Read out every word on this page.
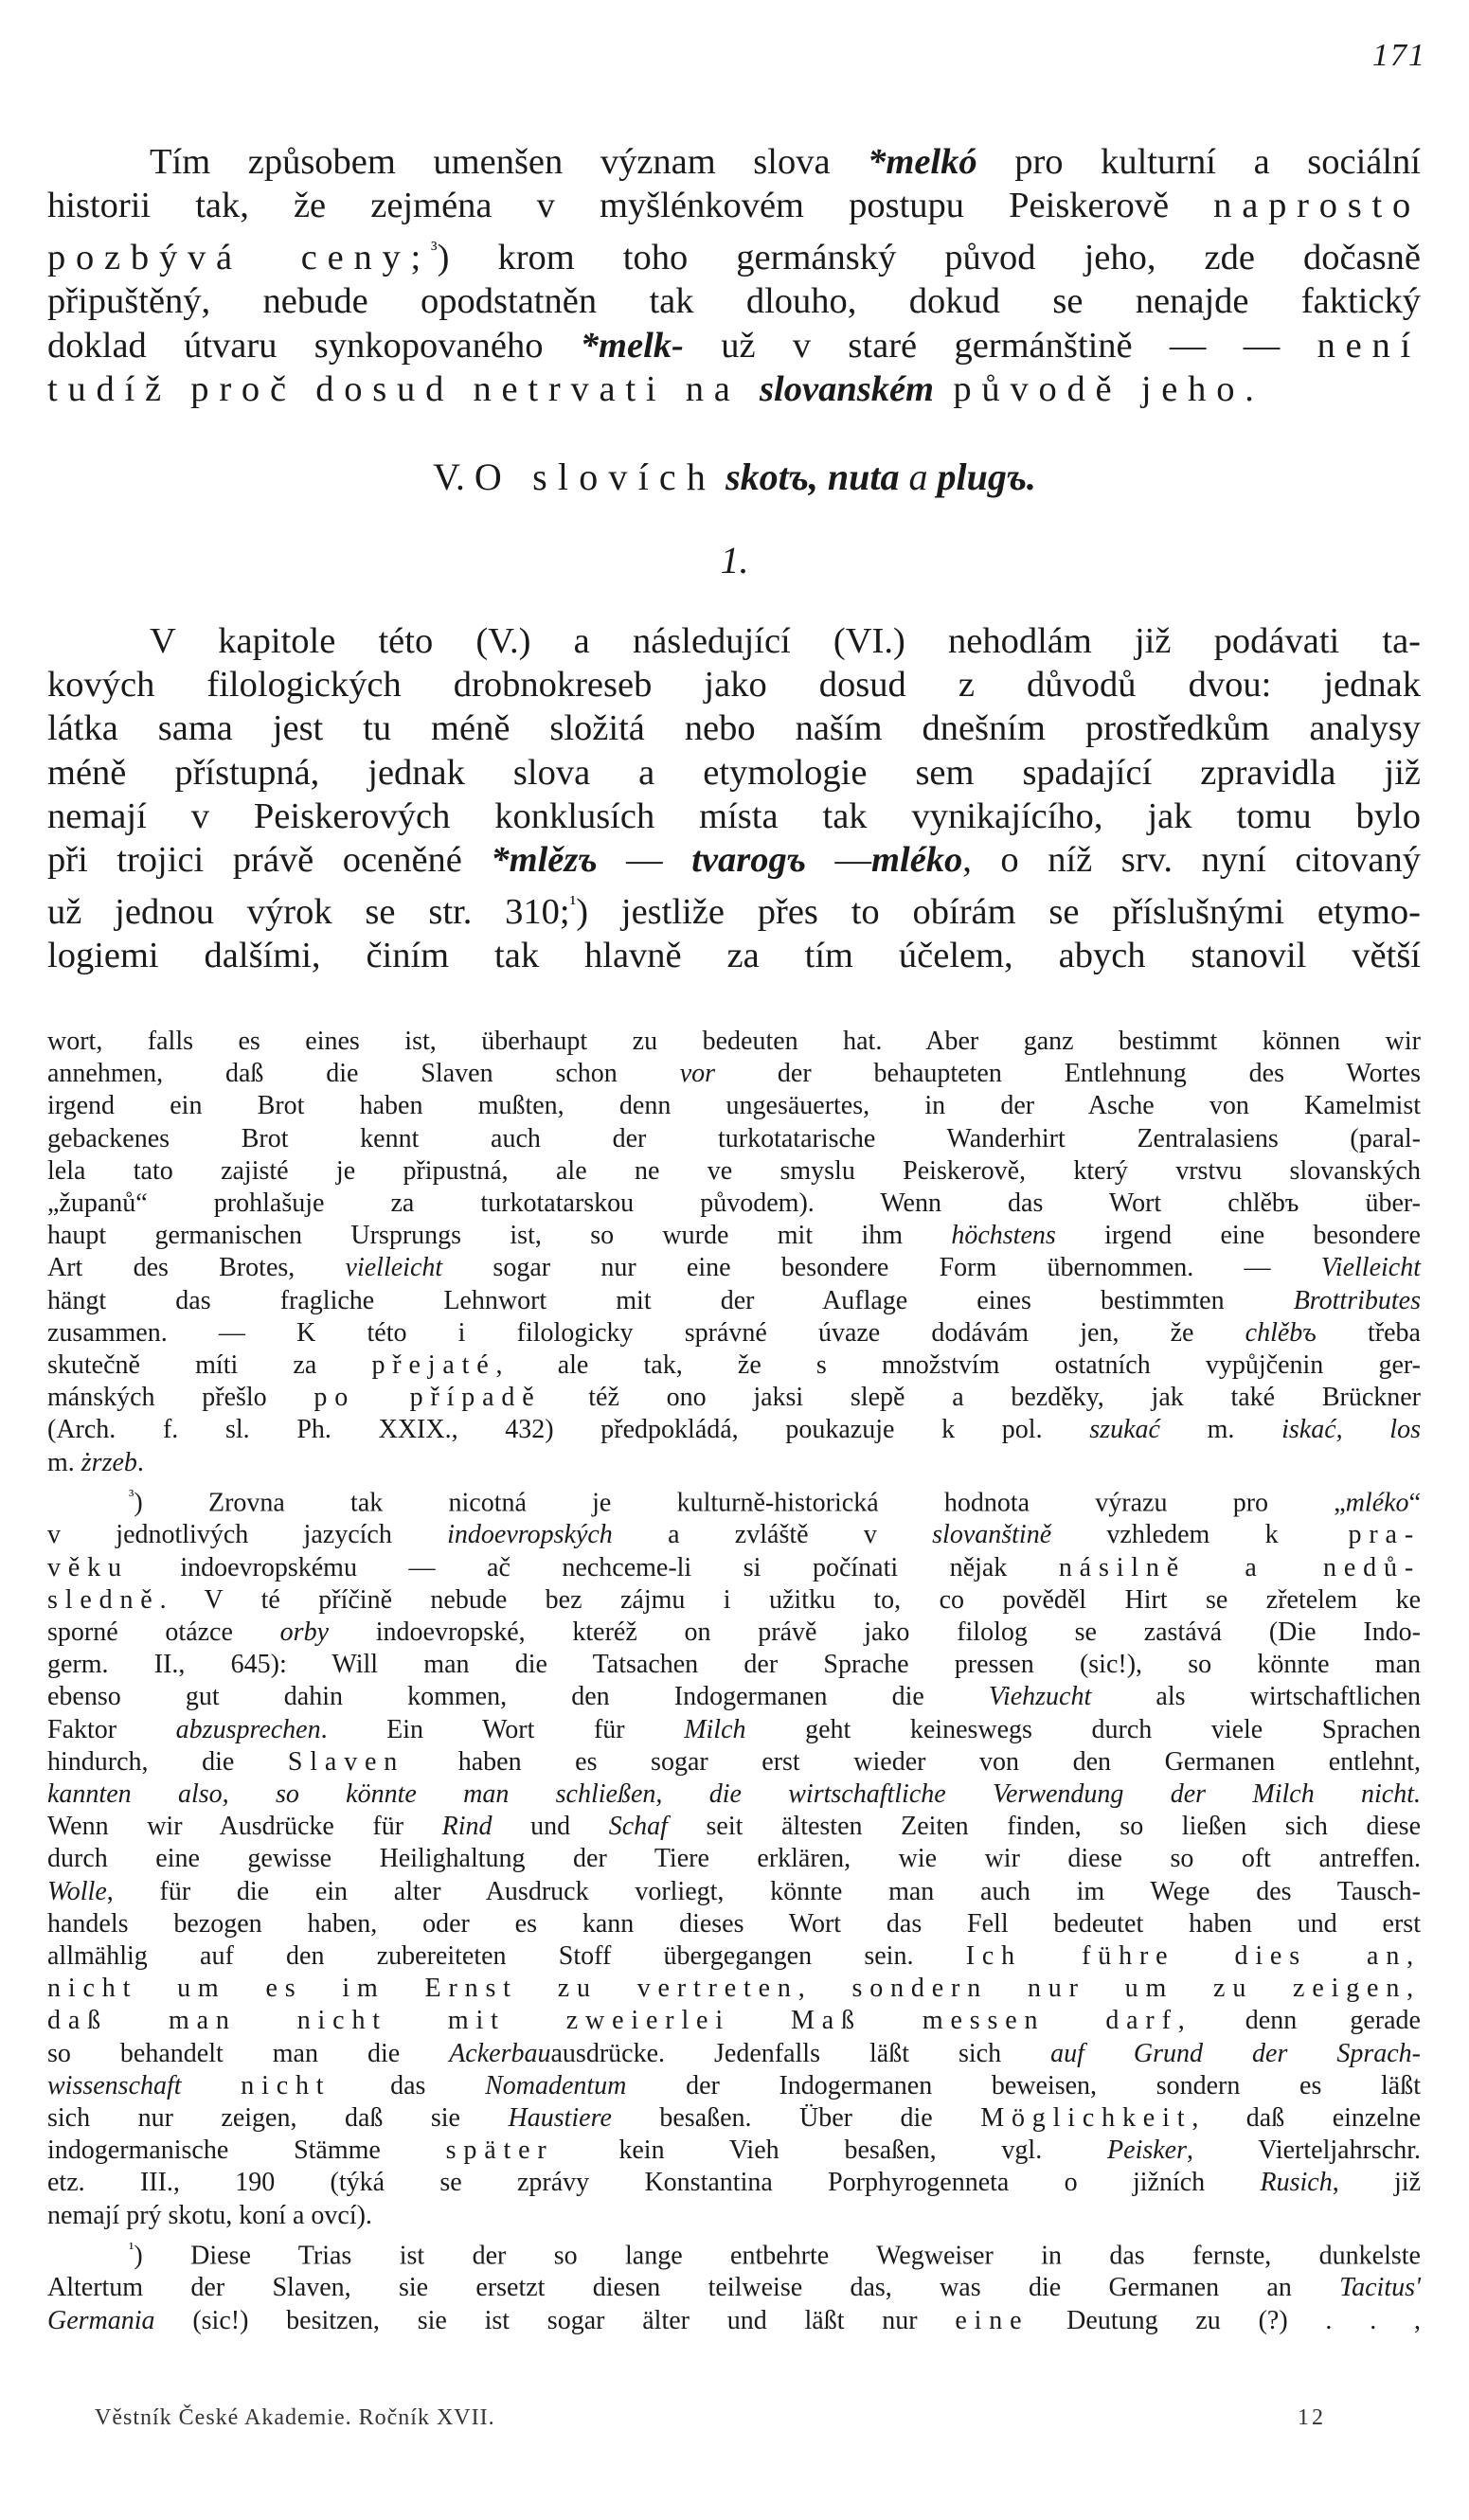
171
Tím způsobem umenšen význam slova *melkó pro kulturní a sociální
historii tak, že zejména v myšlénkovém postupu Peiskerově naprosto
pozbývá ceny;$^{^3}$) krom toho germánský původ jeho, zde dočasně
připuštěný, nebude opodstatněn tak dlouho, dokud se nenajde faktický
doklad útvaru synkopovaného *melk- už v staré germánštině — — není
tudíž proč dosud netrvati na slovanském původě jeho.
V. O slovích skotъ, nuta a plugъ.
1.
V kapitole této (V.) a následující (VI.) nehodlám již podávati ta-
kových filologických drobnokreseb jako dosud z důvodů dvou: jednak
látka sama jest tu méně složitá nebo naším dnešním prostředkům analysy
méně přístupná, jednak slova a etymologie sem spadající zpravidla již
nemají v Peiskerových konklusích místa tak vynikajícího, jak tomu bylo
při trojici právě oceněné *mlězъ — tvarogъ —mléko, o níž srv. nyní citovaný
už jednou výrok se str. 310;$^{^1}$) jestliže přes to obírám se příslušnými etymo-
logiemi dalšími, činím tak hlavně za tím účelem, abych stanovil větší
wort, falls es eines ist, überhaupt zu bedeuten hat. Aber ganz bestimmt können wir
annehmen, daß die Slaven schon vor der behaupteten Entlehnung des Wortes
irgend ein Brot haben mußten, denn ungesäuertes, in der Asche von Kamelmist
gebackenes Brot kennt auch der turkotatarische Wanderhirt Zentralasiens (paral-
lela tato zajisté je připustná, ale ne ve smyslu Peiskerově, který vrstvu slovanských
„županů“ prohlašuje za turkotatarskou původem). Wenn das Wort chlěbъ über-
haupt germanischen Ursprungs ist, so wurde mit ihm höchstens irgend eine besondere
Art des Brotes, vielleicht sogar nur eine besondere Form übernommen. — Vielleicht
hängt das fragliche Lehnwort mit der Auflage eines bestimmten Brottributes
zusammen. — K této i filologicky správné úvaze dodávám jen, že chlěbъ třeba
skutečně míti za přejaté, ale tak, že s množstvím ostatních vypůjčenin ger-
mánských přešlo po případě též ono jaksi slepě a bezděky, jak také Brückner
(Arch. f. sl. Ph. XXIX., 432) předpokládá, poukazuje k pol. szukać m. iskać, los
m. żrzeb.
$^{^3}$) Zrovna tak nicotná je kulturně-historická hodnota výrazu pro „mléko“
v jednotlivých jazycích indoevropských a zvláště v slovanštině vzhledem k pra-
věku indoevropskému — ač nechceme-li si počínati nějak násilně a nedů-
sledně. V té příčině nebude bez zájmu i užitku to, co pověděl Hirt se zřetelem ke
sporné otázce orby indoevropské, kteréž on právě jako filolog se zastává (Die Indo-
germ. II., 645): Will man die Tatsachen der Sprache pressen (sic!), so könnte man
ebenso gut dahin kommen, den Indogermanen die Viehzucht als wirtschaftlichen
Faktor abzusprechen. Ein Wort für Milch geht keineswegs durch viele Sprachen
hindurch, die Slaven haben es sogar erst wieder von den Germanen entlehnt,
kannten also, so könnte man schließen, die wirtschaftliche Verwendung der Milch nicht.
Wenn wir Ausdrücke für Rind und Schaf seit ältesten Zeiten finden, so ließen sich diese
durch eine gewisse Heilighaltung der Tiere erklären, wie wir diese so oft antreffen.
Wolle, für die ein alter Ausdruck vorliegt, könnte man auch im Wege des Tausch-
handels bezogen haben, oder es kann dieses Wort das Fell bedeutet haben und erst
allmählig auf den zubereiteten Stoff übergegangen sein. Ich führe dies an,
nicht um es im Ernst zu vertreten, sondern nur um zu zeigen,
daß man nicht mit zweierlei Maß messen darf, denn gerade
so behandelt man die Ackerbauausdrücke. Jedenfalls läßt sich auf Grund der Sprach-
wissenschaft nicht das Nomadentum der Indogermanen beweisen, sondern es läßt
sich nur zeigen, daß sie Haustiere besaßen. Über die Möglichkeit, daß einzelne
indogermanische Stämme später kein Vieh besaßen, vgl. Peisker, Vierteljahrschr.
etz. III., 190 (týká se zprávy Konstantina Porphyrogenneta o jižních Rusich, již
nemají prý skotu, koní a ovcí).
$^{^1}$) Diese Trias ist der so lange entbehrte Wegweiser in das fernste, dunkelste
Altertum der Slaven, sie ersetzt diesen teilweise das, was die Germanen an Tacitus'
Germania (sic!) besitzen, sie ist sogar älter und läßt nur eine Deutung zu (?) . . ,
Věstník České Akademie. Ročník XVII.	12
